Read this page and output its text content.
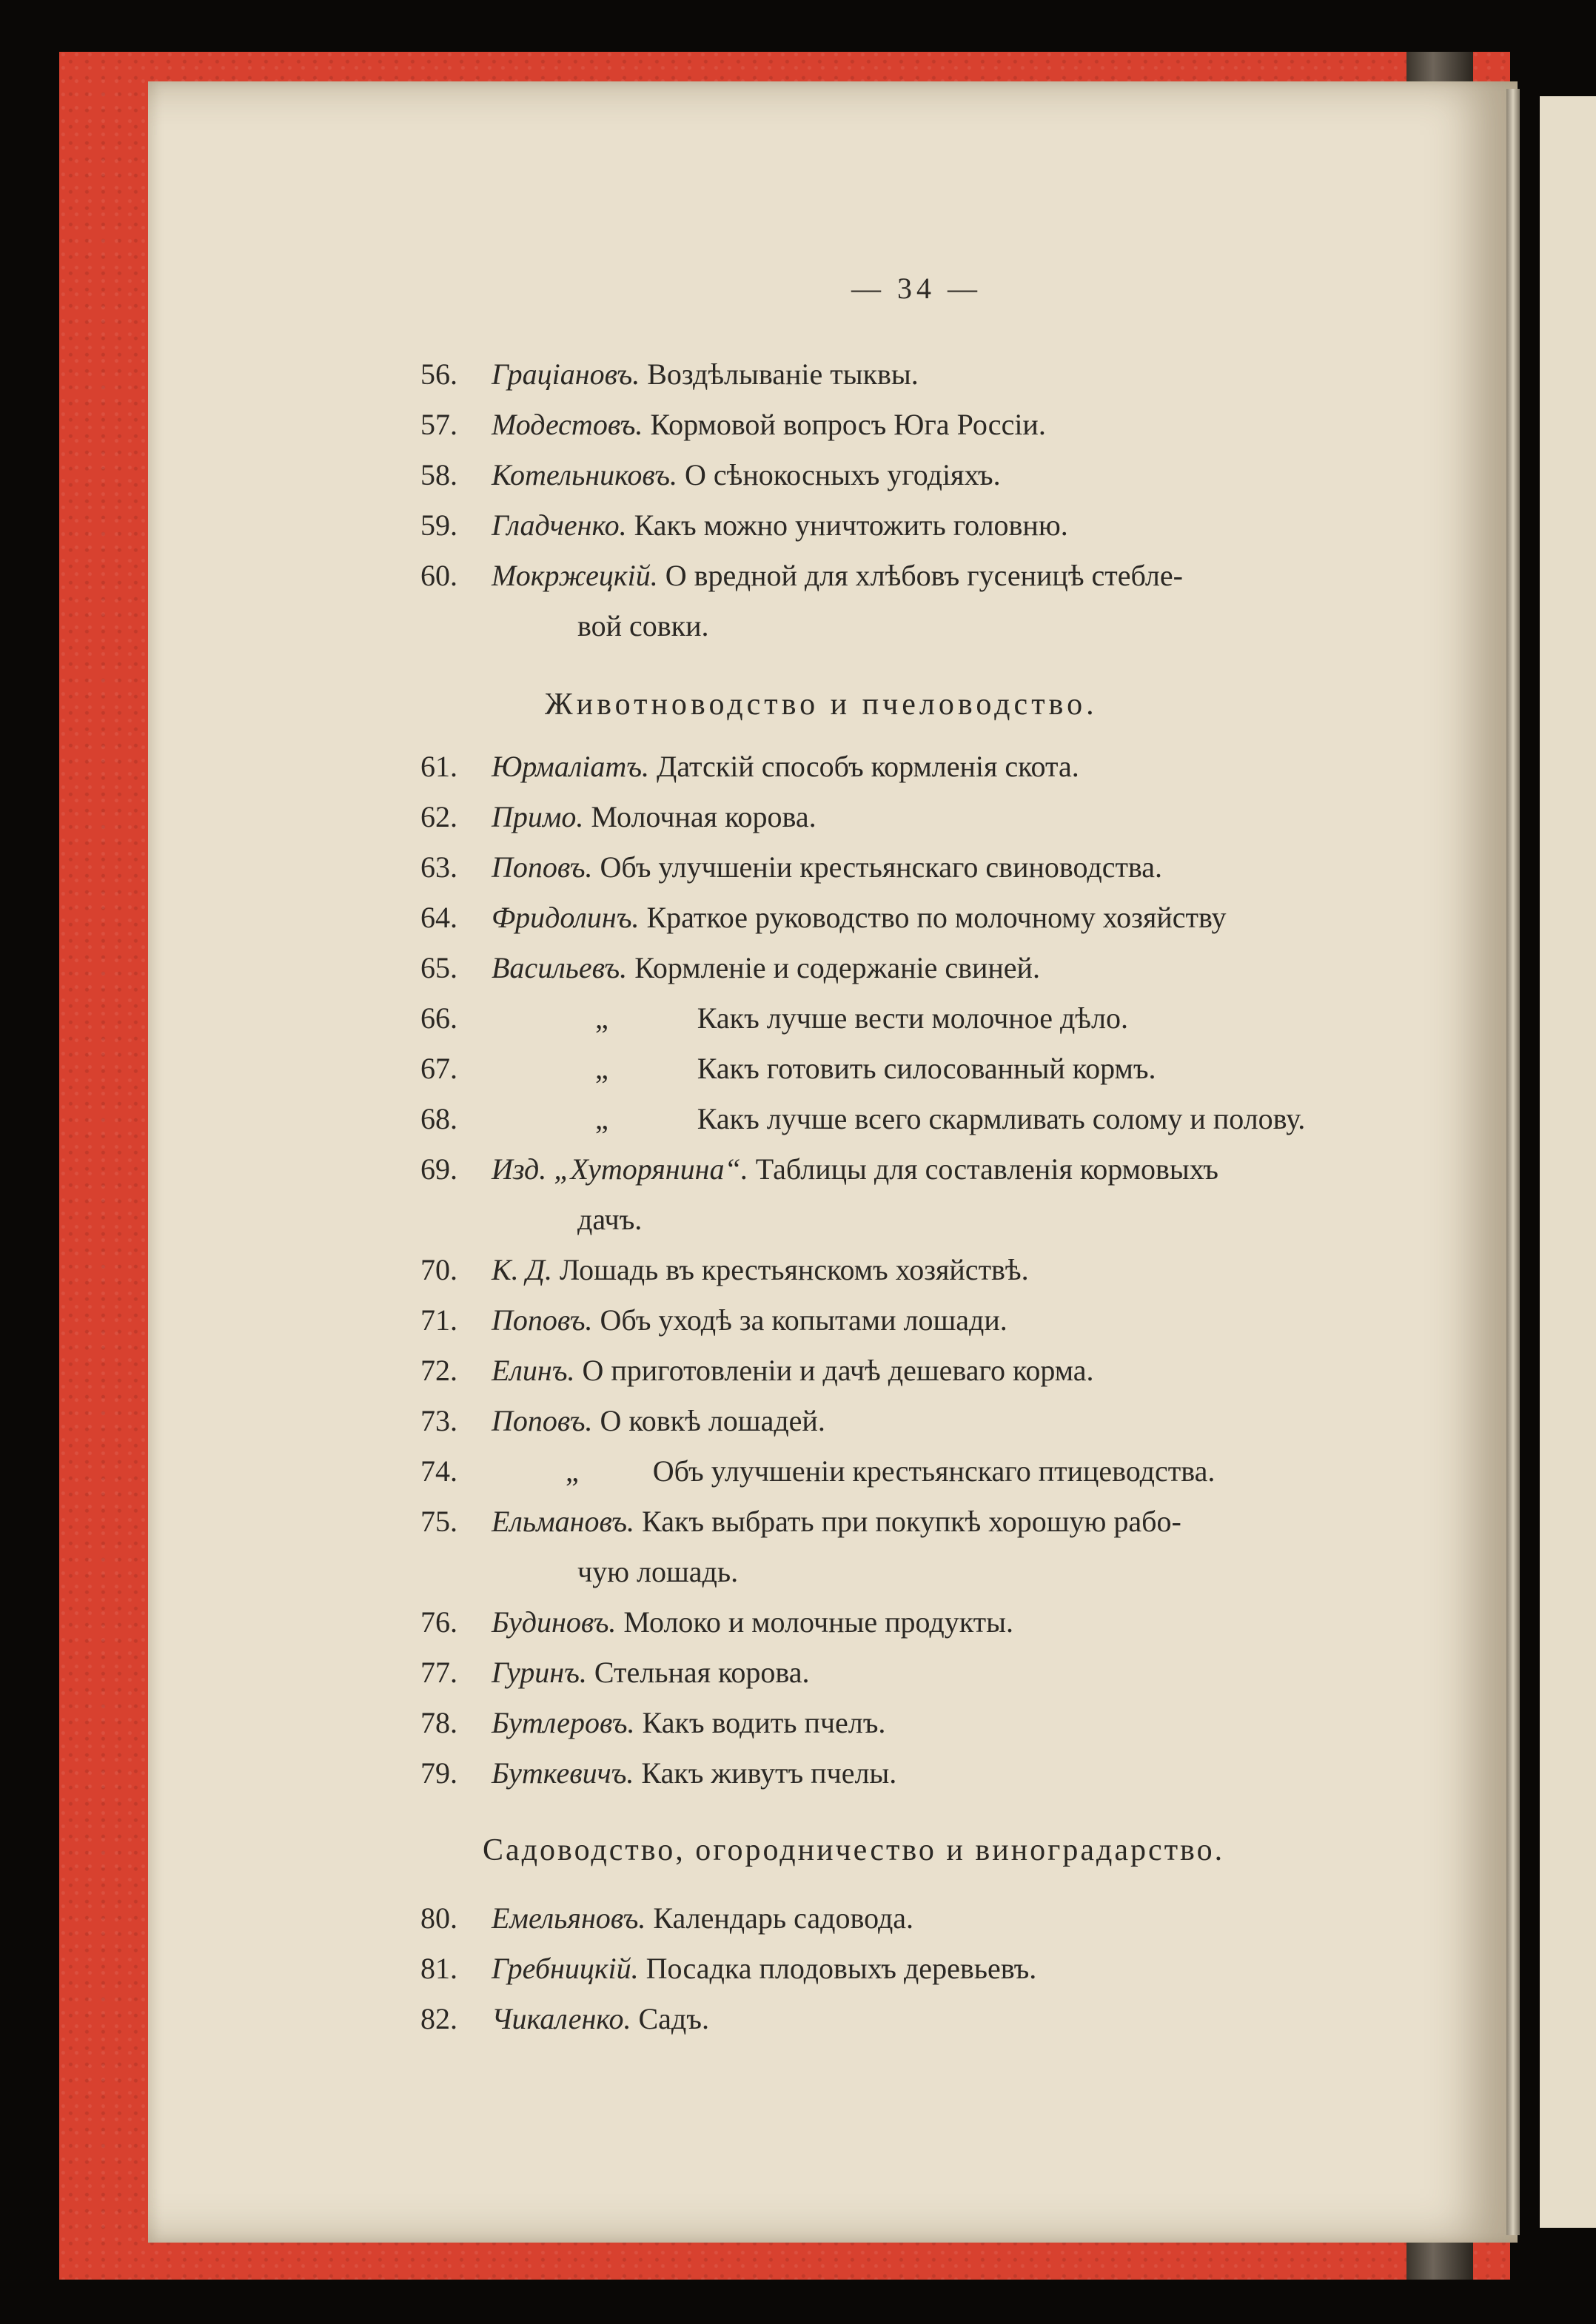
— 34 —
56. Граціановъ. Воздѣлываніе тыквы.
57. Модестовъ. Кормовой вопросъ Юга Россіи.
58. Котельниковъ. О сѣнокосныхъ угодіяхъ.
59. Гладченко. Какъ можно уничтожить головню.
60. Мокржецкій. О вредной для хлѣбовъ гусеницѣ стебле-
вой совки.
Животноводство и пчеловодство.
61. Юрмаліатъ. Датскій способъ кормленія скота.
62. Примо. Молочная корова.
63. Поповъ. Объ улучшеніи крестьянскаго свиноводства.
64. Фридолинъ. Краткое руководство по молочному хозяйству
65. Васильевъ. Кормленіе и содержаніе свиней.
66.	„	Какъ лучше вести молочное дѣло.
67.	„	Какъ готовить силосованный кормъ.
68.	„	Какъ лучше всего скармливать солому и полову.
69. Изд. „Хуторянина“. Таблицы для составленія кормовыхъ
дачъ.
70. К. Д. Лошадь въ крестьянскомъ хозяйствѣ.
71. Поповъ. Объ уходѣ за копытами лошади.
72. Елинъ. О приготовленіи и дачѣ дешеваго корма.
73. Поповъ. О ковкѣ лошадей.
74.	„	Объ улучшеніи крестьянскаго птицеводства.
75. Ельмановъ. Какъ выбрать при покупкѣ хорошую рабо-
чую лошадь.
76. Будиновъ. Молоко и молочные продукты.
77. Гуринъ. Стельная корова.
78. Бутлеровъ. Какъ водить пчелъ.
79. Буткевичъ. Какъ живутъ пчелы.
Садоводство, огородничество и виноградарство.
80. Емельяновъ. Календарь садовода.
81. Гребницкій. Посадка плодовыхъ деревьевъ.
82. Чикаленко. Садъ.
